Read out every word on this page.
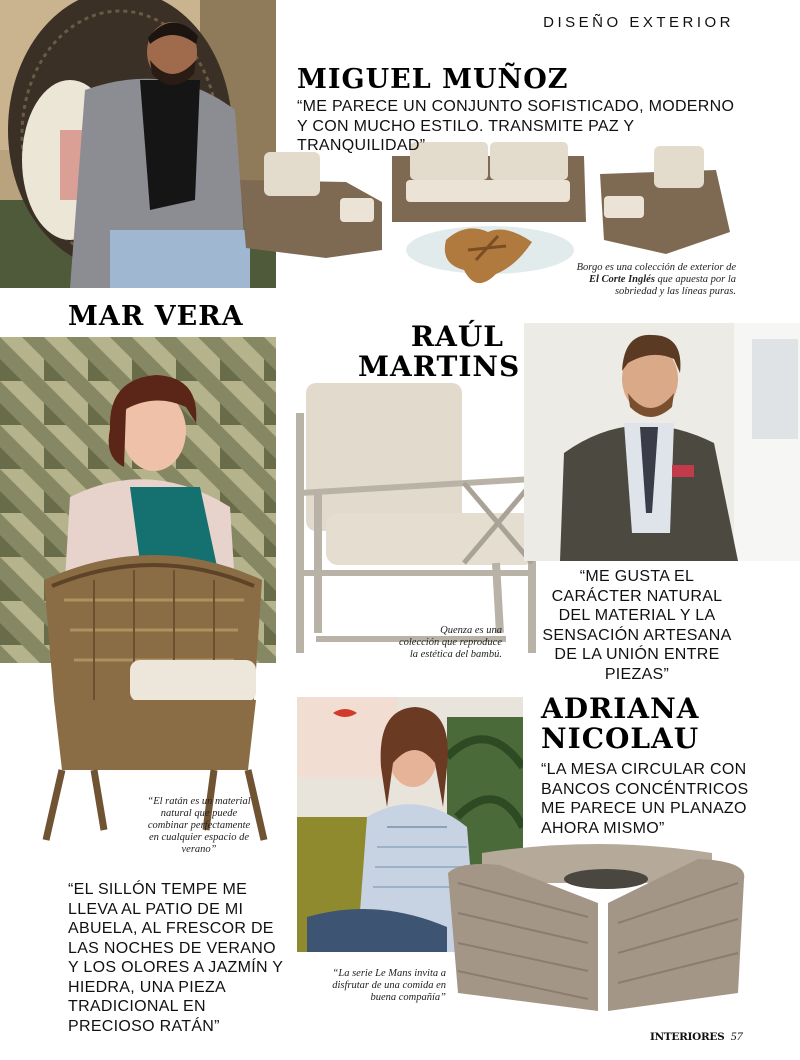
DISEÑO EXTERIOR
MIGUEL MUÑOZ
“ME PARECE UN CONJUNTO SOFISTICADO, MODERNO Y CON MUCHO ESTILO. TRANSMITE PAZ Y TRANQUILIDAD”
Borgo es una colección de exterior de El Corte Inglés que apuesta por la sobriedad y las líneas puras.
MAR VERA
“El ratán es un material natural que puede combinar perfectamente en cualquier espacio de verano”
“EL SILLÓN TEMPE ME LLEVA AL PATIO DE MI ABUELA, AL FRESCOR DE LAS NOCHES DE VERANO Y LOS OLORES A JAZMÍN Y HIEDRA, UNA PIEZA TRADICIONAL EN PRECIOSO RATÁN”
RAÚL
MARTINS
Quenza es una colección que reproduce la estética del bambú.
“ME GUSTA EL CARÁCTER NATURAL DEL MATERIAL Y LA SENSACIÓN ARTESANA DE LA UNIÓN ENTRE PIEZAS”
ADRIANA
NICOLAU
“LA MESA CIRCULAR CON BANCOS CONCÉNTRICOS ME PARECE UN PLANAZO AHORA MISMO”
“La serie Le Mans invita a disfrutar de una comida en buena compañía”
INTERIORES 57
